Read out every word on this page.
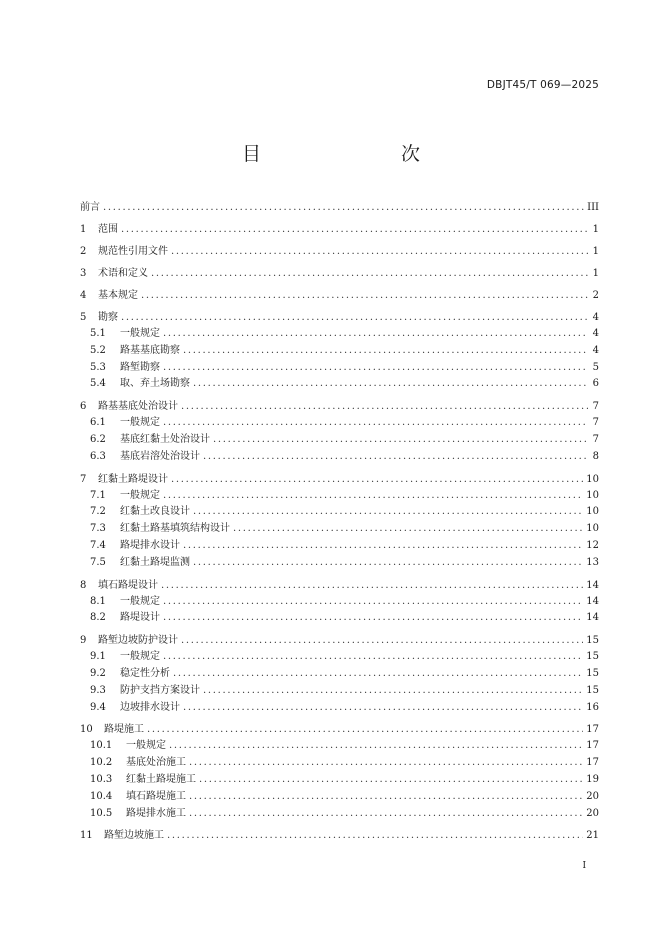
DBJT45/T 069—2025
目　　次
前言 .....	III
1	范围 .....	1
2	规范性引用文件 .....	1
3	术语和定义 .....	1
4	基本规定 .....	2
5	勘察 .....	4
5.1	一般规定 .....	4
5.2	路基基底勘察 .....	4
5.3	路堑勘察 .....	5
5.4	取、弃土场勘察 .....	6
6	路基基底处治设计 .....	7
6.1	一般规定 .....	7
6.2	基底红黏土处治设计 .....	7
6.3	基底岩溶处治设计 .....	8
7	红黏土路堤设计 .....	10
7.1	一般规定 .....	10
7.2	红黏土改良设计 .....	10
7.3	红黏土路基填筑结构设计 .....	10
7.4	路堤排水设计 .....	12
7.5	红黏土路堤监测 .....	13
8	填石路堤设计 .....	14
8.1	一般规定 .....	14
8.2	路堤设计 .....	14
9	路堑边坡防护设计 .....	15
9.1	一般规定 .....	15
9.2	稳定性分析 .....	15
9.3	防护支挡方案设计 .....	15
9.4	边坡排水设计 .....	16
10	路堤施工 .....	17
10.1	一般规定 .....	17
10.2	基底处治施工 .....	17
10.3	红黏土路堤施工 .....	19
10.4	填石路堤施工 .....	20
10.5	路堤排水施工 .....	20
11	路堑边坡施工 .....	21
I
